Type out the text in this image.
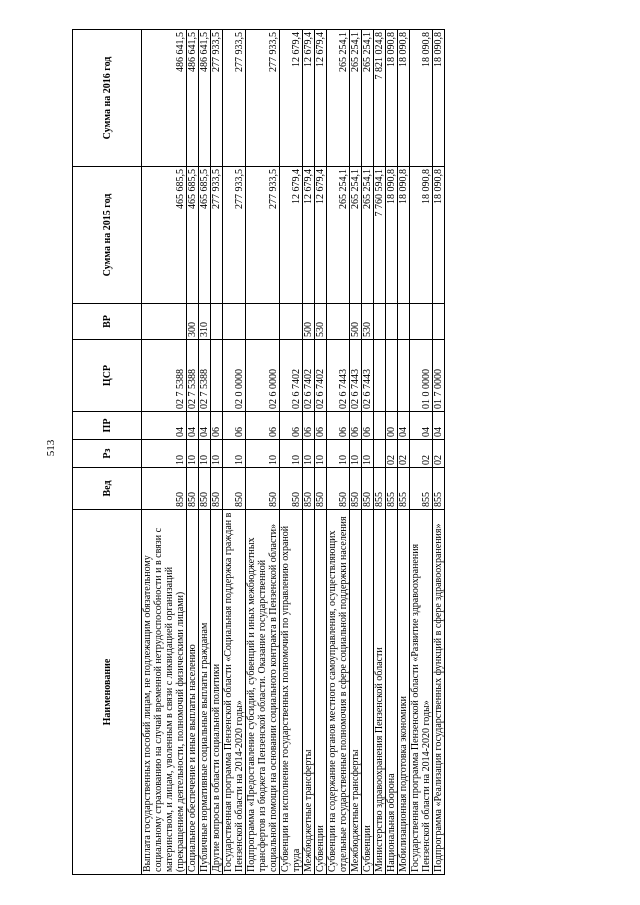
513
Наименование	Вед	Рз	ПР	ЦСР	ВР	Сумма на 2015 год	Сумма на 2016 год
Выплата государственных пособий лицам, не подлежащим обязательному социальному страхованию на случай временной нетрудоспособности и в связи с материнством, и лицам, уволенным в связи с ликвидацией организаций (прекращением деятельности, полномочий физическими лицами)	850	10	04	02 7 5388		465 685,5	486 641,5
Социальное обеспечение и иные выплаты населению	850	10	04	02 7 5388	300	465 685,5	486 641,5
Публичные нормативные социальные выплаты гражданам	850	10	04	02 7 5388	310	465 685,5	486 641,5
Другие вопросы в области социальной политики	850	10	06			277 933,5	277 933,5
Государственная программа Пензенской области «Социальная поддержка граждан в Пензенской области на 2014-2020 годы»	850	10	06	02 0 0000		277 933,5	277 933,5
Подпрограмма «Предоставление субсидий, субвенций и иных межбюджетных трансфертов из бюджета Пензенской области. Оказание государственной социальной помощи на основании социального контракта в Пензенской области»	850	10	06	02 6 0000		277 933,5	277 933,5
Субвенции на исполнение государственных полномочий по управлению охраной труда	850	10	06	02 6 7402		12 679,4	12 679,4
Межбюджетные трансферты	850	10	06	02 6 7402	500	12 679,4	12 679,4
Субвенции	850	10	06	02 6 7402	530	12 679,4	12 679,4
Субвенции на содержание органов местного самоуправления, осуществляющих отдельные государственные полномочия в сфере социальной поддержки населения	850	10	06	02 6 7443		265 254,1	265 254,1
Межбюджетные трансферты	850	10	06	02 6 7443	500	265 254,1	265 254,1
Субвенции	850	10	06	02 6 7443	530	265 254,1	265 254,1
Министерство здравоохранения Пензенской области	855					7 760 594,1	7 821 024,8
Национальная оборона	855	02	00			18 090,8	18 090,8
Мобилизационная подготовка экономики	855	02	04			18 090,8	18 090,8
Государственная программа Пензенской области «Развитие здравоохранения Пензенской области на 2014-2020 годы»	855	02	04	01 0 0000		18 090,8	18 090,8
Подпрограмма «Реализация государственных функций в сфере здравоохранения»	855	02	04	01 7 0000		18 090,8	18 090,8
